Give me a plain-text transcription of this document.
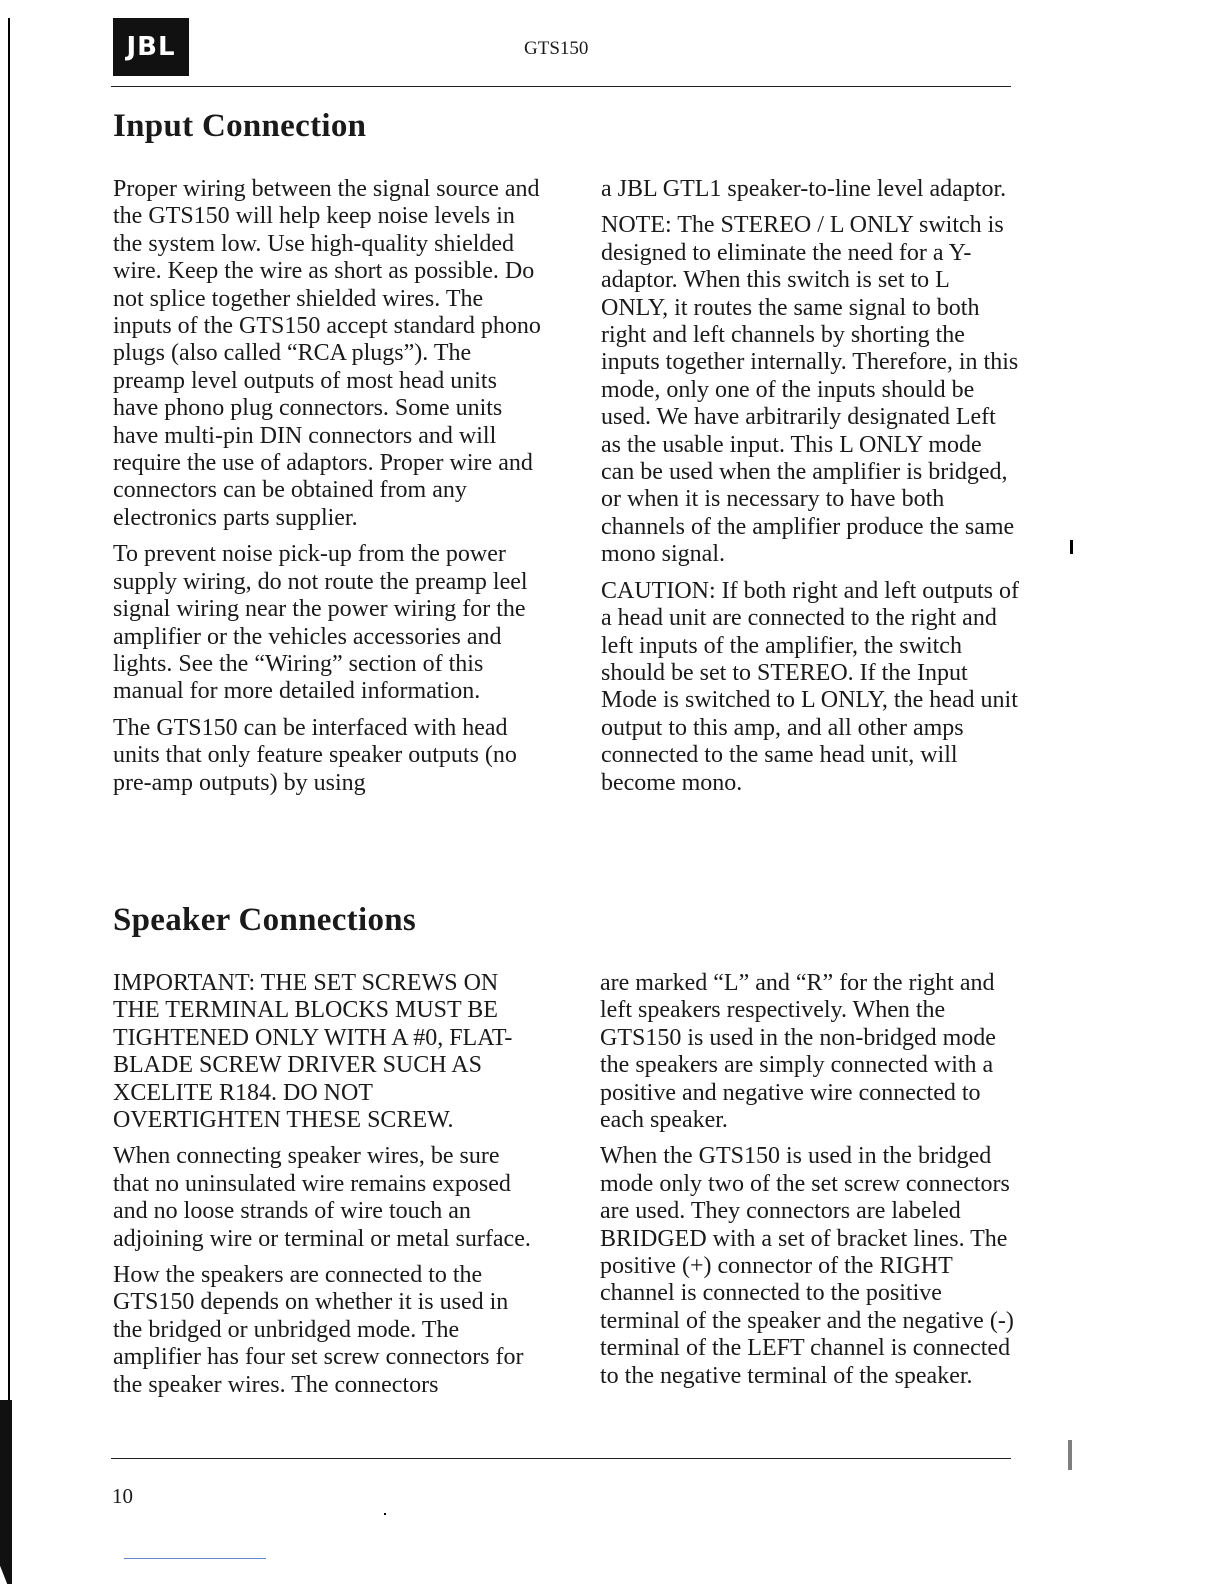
JBL	GTS150
Input Connection

Proper wiring between the signal source and the GTS150 will help keep noise levels in the system low. Use high-quality shielded wire. Keep the wire as short as possible. Do not splice together shielded wires. The inputs of the GTS150 accept standard phono plugs (also called “RCA plugs”). The preamp level outputs of most head units have phono plug connectors. Some units have multi-pin DIN connectors and will require the use of adaptors. Proper wire and connectors can be obtained from any electronics parts supplier.

To prevent noise pick-up from the power supply wiring, do not route the preamp leel signal wiring near the power wiring for the amplifier or the vehicles accessories and lights. See the “Wiring” section of this manual for more detailed information.

The GTS150 can be interfaced with head units that only feature speaker outputs (no pre-amp outputs) by using

a JBL GTL1 speaker-to-line level adaptor.

NOTE: The STEREO / L ONLY switch is designed to eliminate the need for a Y-adaptor. When this switch is set to L ONLY, it routes the same signal to both right and left channels by shorting the inputs together internally. Therefore, in this mode, only one of the inputs should be used. We have arbitrarily designated Left as the usable input. This L ONLY mode can be used when the amplifier is bridged, or when it is necessary to have both channels of the amplifier produce the same mono signal.

CAUTION: If both right and left outputs of a head unit are connected to the right and left inputs of the amplifier, the switch should be set to STEREO. If the Input Mode is switched to L ONLY, the head unit output to this amp, and all other amps connected to the same head unit, will become mono.

Speaker Connections

IMPORTANT: THE SET SCREWS ON THE TERMINAL BLOCKS MUST BE TIGHTENED ONLY WITH A #0, FLAT-BLADE SCREW DRIVER SUCH AS XCELITE R184. DO NOT OVERTIGHTEN THESE SCREW.

When connecting speaker wires, be sure that no uninsulated wire remains exposed and no loose strands of wire touch an adjoining wire or terminal or metal surface.

How the speakers are connected to the GTS150 depends on whether it is used in the bridged or unbridged mode. The amplifier has four set screw connectors for the speaker wires. The connectors

are marked “L” and “R” for the right and left speakers respectively. When the GTS150 is used in the non-bridged mode the speakers are simply connected with a positive and negative wire connected to each speaker.

When the GTS150 is used in the bridged mode only two of the set screw connectors are used. They connectors are labeled BRIDGED with a set of bracket lines. The positive (+) connector of the RIGHT channel is connected to the positive terminal of the speaker and the negative (-) terminal of the LEFT channel is connected to the negative terminal of the speaker.

10
